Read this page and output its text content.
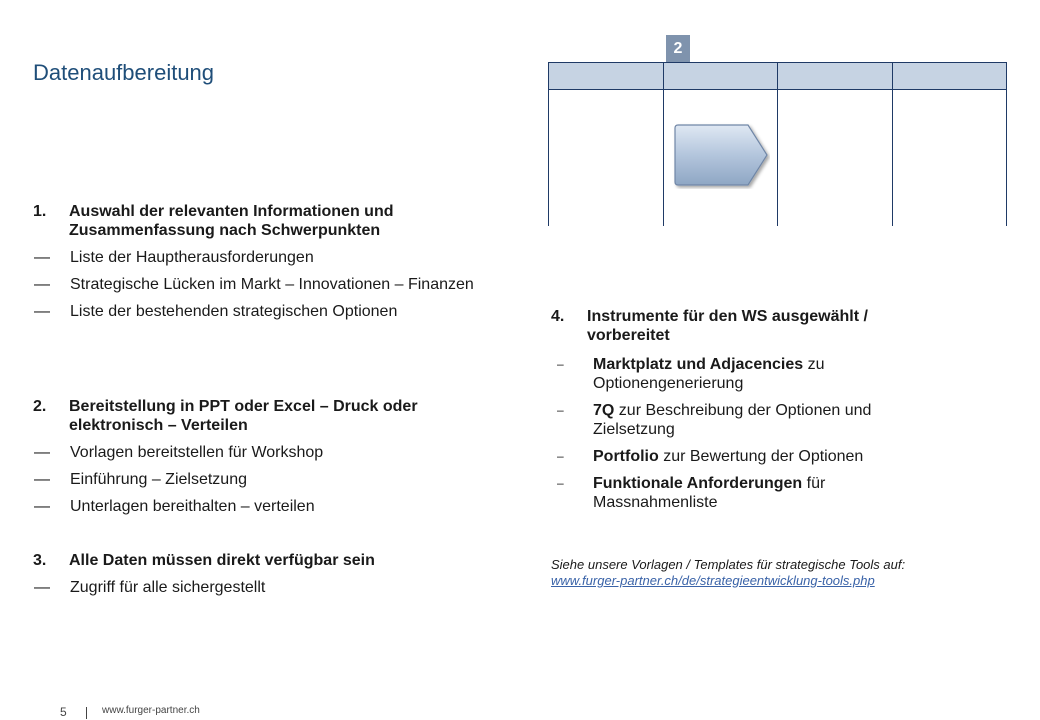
Datenaufbereitung
1.	Auswahl der relevanten Informationen und Zusammenfassung nach Schwerpunkten
—	Liste der Hauptherausforderungen
—	Strategische Lücken im Markt – Innovationen – Finanzen
—	Liste der bestehenden strategischen Optionen
2.	Bereitstellung in PPT oder Excel – Druck oder elektronisch – Verteilen
—	Vorlagen bereitstellen für Workshop
—	Einführung – Zielsetzung
—	Unterlagen bereithalten – verteilen
3.	Alle Daten müssen direkt verfügbar sein
—	Zugriff für alle sichergestellt
2
4.	Instrumente für den WS ausgewählt / vorbereitet
–	Marktplatz und Adjacencies zu Optionengenerierung
–	7Q zur Beschreibung der Optionen und Zielsetzung
–	Portfolio zur Bewertung der Optionen
–	Funktionale Anforderungen für Massnahmenliste
Siehe unsere Vorlagen / Templates für strategische Tools auf:
www.furger-partner.ch/de/strategieentwicklung-tools.php
5	www.furger-partner.ch
